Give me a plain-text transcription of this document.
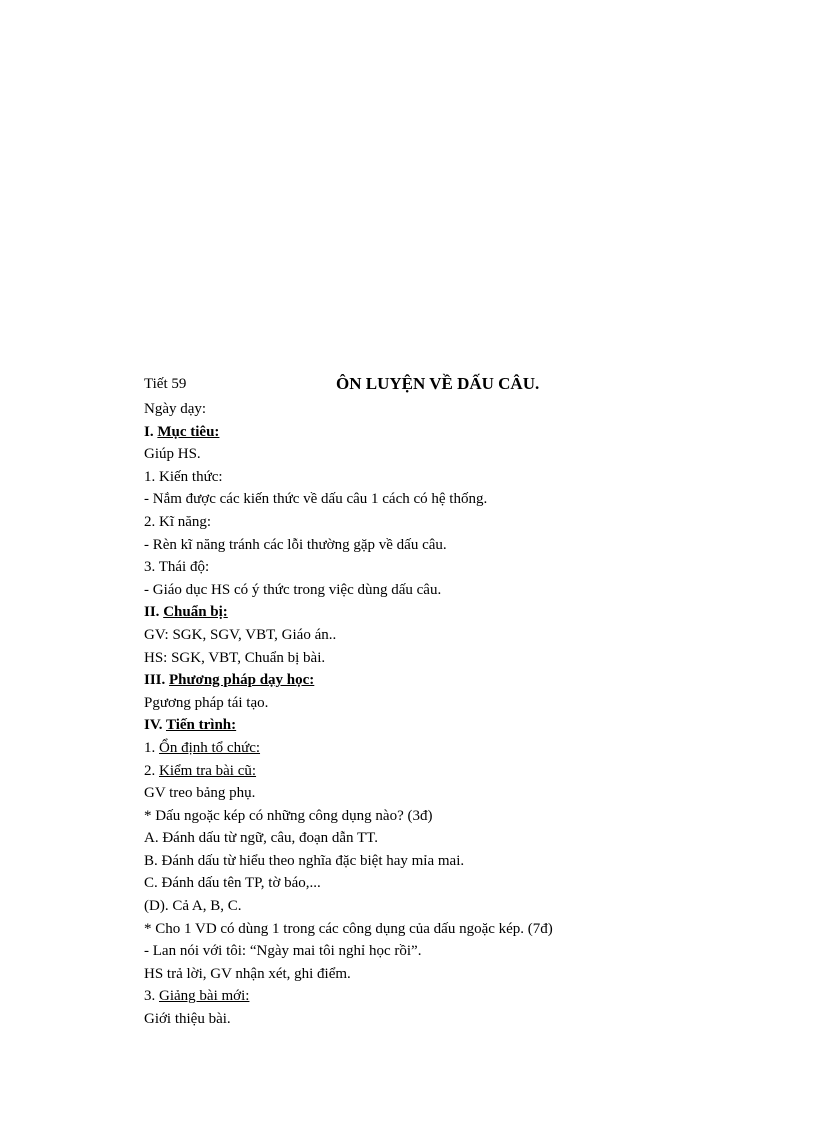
Tiết 59	ÔN LUYỆN VỀ DẤU CÂU.
Ngày dạy:
I. Mục tiêu:
Giúp HS.
1. Kiến thức:
- Nắm được các kiến thức về dấu câu 1 cách có hệ thống.
2. Kĩ năng:
- Rèn kĩ năng tránh các lỗi thường gặp về dấu câu.
3. Thái độ:
- Giáo dục HS có ý thức trong việc dùng dấu câu.
II. Chuẩn bị:
GV: SGK, SGV, VBT, Giáo án..
HS: SGK, VBT, Chuẩn bị bài.
III. Phương pháp dạy học:
Pgương pháp tái tạo.
IV. Tiến trình:
1. Ổn định tổ chức:
2. Kiểm tra bài cũ:
GV treo bảng phụ.
* Dấu ngoặc kép có những công dụng nào? (3đ)
A. Đánh dấu từ ngữ, câu, đoạn dẫn TT.
B. Đánh dấu từ hiểu theo nghĩa đặc biệt hay mỉa mai.
C. Đánh dấu tên TP, tờ báo,...
(D). Cả A, B, C.
* Cho 1 VD có dùng 1 trong các công dụng của dấu ngoặc kép. (7đ)
- Lan nói với tôi: “Ngày mai tôi nghỉ học rồi”.
HS trả lời, GV nhận xét, ghi điểm.
3. Giảng bài mới:
Giới thiệu bài.
